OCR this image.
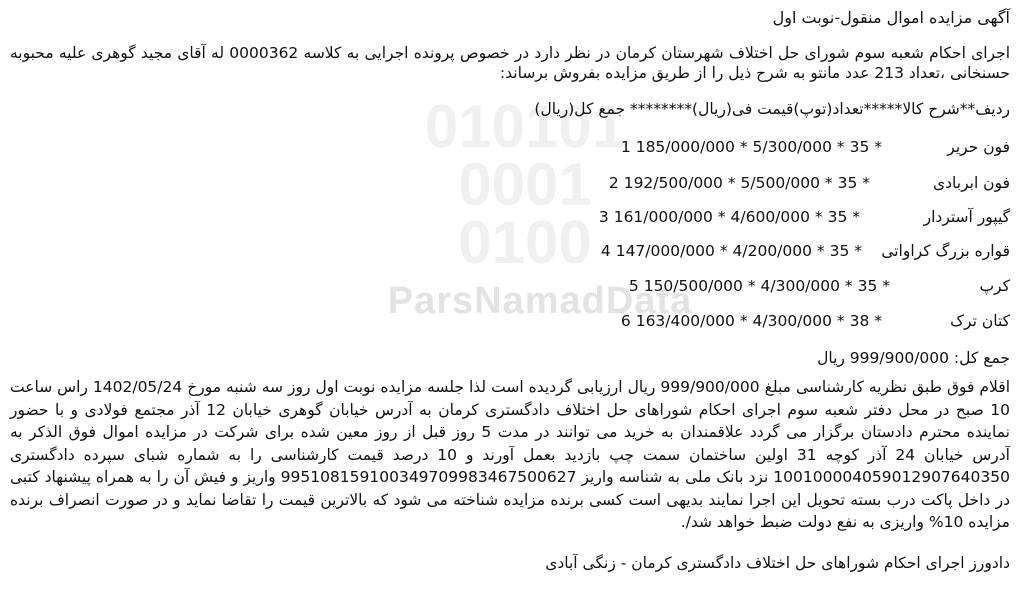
010101
0001
0100
ParsNamadData
آگهی مزایده اموال منقول-نوبت اول
اجرای احکام شعبه سوم شورای حل اختلاف شهرستان کرمان در نظر دارد در خصوص پرونده اجرایی به کلاسه 0000362 له آقای مجید گوهری علیه محبوبه حسنخانی ،تعداد 213 عدد مانتو به شرح ذیل را از طریق مزایده بفروش برساند:
ردیف**شرح کالا*****تعداد(توپ)قیمت فی(ریال)******** جمع کل(ریال)
فون حریر
1 185/000/000 * 5/300/000 * 35 *
فون ابربادی
2 192/500/000 * 5/500/000 * 35 *
گیپور آستردار
3 161/000/000 * 4/600/000 * 35 *
قواره بزرگ کراواتی
4 147/000/000 * 4/200/000 * 35 *
کرپ
5 150/500/000 * 4/300/000 * 35 *
کتان ترک
6 163/400/000 * 4/300/000 * 38 *
جمع کل: 999/900/000 ریال
اقلام فوق طبق نظریه کارشناسی مبلغ 999/900/000 ریال ارزیابی گردیده است لذا جلسه مزایده نوبت اول روز سه شنبه مورخ 1402/05/24 راس ساعت 10 صبح در محل دفتر شعبه سوم اجرای احکام شوراهای حل اختلاف دادگستری کرمان به آدرس خیابان گوهری خیابان 12 آذر مجتمع فولادی و با حضور نماینده محترم دادستان برگزار می گردد علاقمندان به خرید می توانند در مدت 5 روز قبل از روز معین شده برای شرکت در مزایده اموال فوق الذکر به آدرس خیابان 24 آذر کوچه 31 اولین ساختمان سمت چپ بازدید بعمل آورند و 10 درصد قیمت کارشناسی را به شماره شبای سپرده دادگستری 100100004059012907640350 نزد بانک ملی به شناسه واریز 995108159100349709983467500627 واریز و فیش آن را به همراه پیشنهاد کتبی در داخل پاکت درب بسته تحویل این اجرا نمایند بدیهی است کسی برنده مزایده شناخته می شود که بالاترین قیمت را تقاضا نماید و در صورت انصراف برنده مزایده 10% واریزی به نفع دولت ضبط خواهد شد/.
دادورز اجرای احکام شوراهای حل اختلاف دادگستری کرمان - زنگی آبادی
